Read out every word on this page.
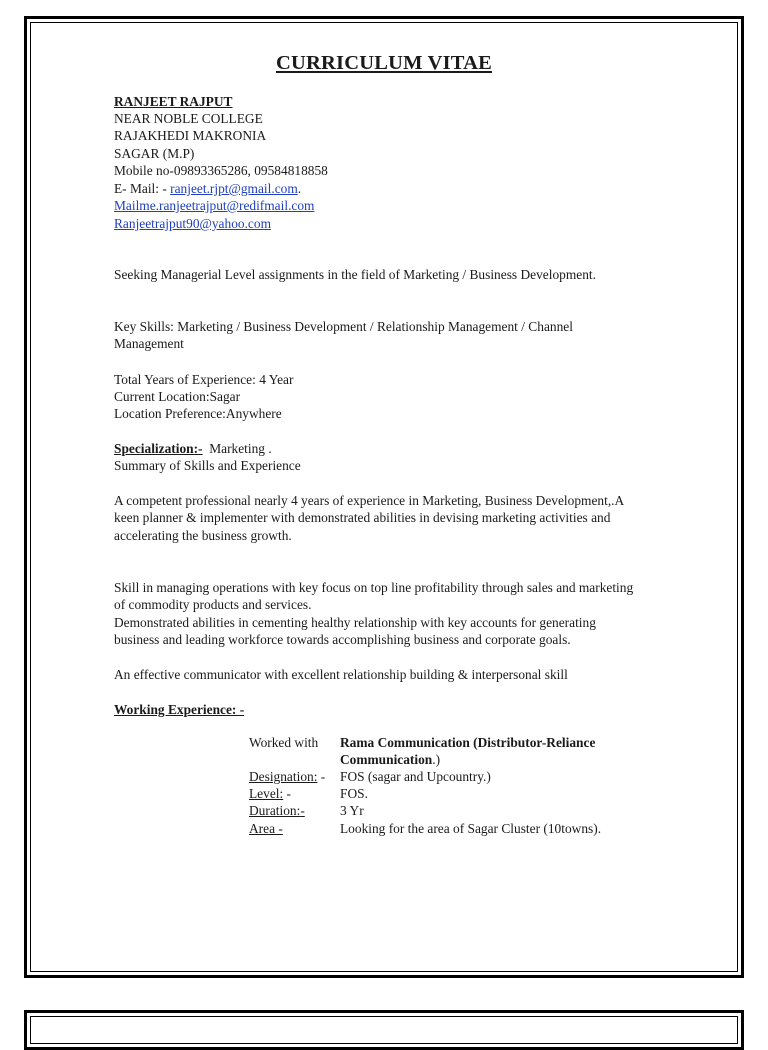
CURRICULUM VITAE
RANJEET RAJPUT
NEAR NOBLE COLLEGE
RAJAKHEDI MAKRONIA
SAGAR (M.P)
Mobile no-09893365286, 09584818858
E- Mail: - ranjeet.rjpt@gmail.com.
Mailme.ranjeetrajput@redifmail.com
Ranjeetrajput90@yahoo.com
Seeking Managerial Level assignments in the field of Marketing / Business Development.
Key Skills: Marketing / Business Development / Relationship Management / Channel Management
Total Years of Experience: 4 Year
Current Location:Sagar
Location Preference:Anywhere
Specialization:-  Marketing .
Summary of Skills and Experience
A competent professional nearly 4 years of experience in Marketing, Business Development,.A keen planner & implementer with demonstrated abilities in devising marketing activities and accelerating the business growth.
Skill in managing operations with key focus on top line profitability through sales and marketing of commodity products and services.
Demonstrated abilities in cementing healthy relationship with key accounts for generating business and leading workforce towards accomplishing business and corporate goals.
An effective communicator with excellent relationship building & interpersonal skill
Working Experience: -
Worked with Rama Communication (Distributor-Reliance
Communication.)
Designation: - FOS (sagar and Upcountry.)
Level: -	FOS.
Duration:-	3 Yr
Area -	Looking for the area of Sagar Cluster (10towns).
